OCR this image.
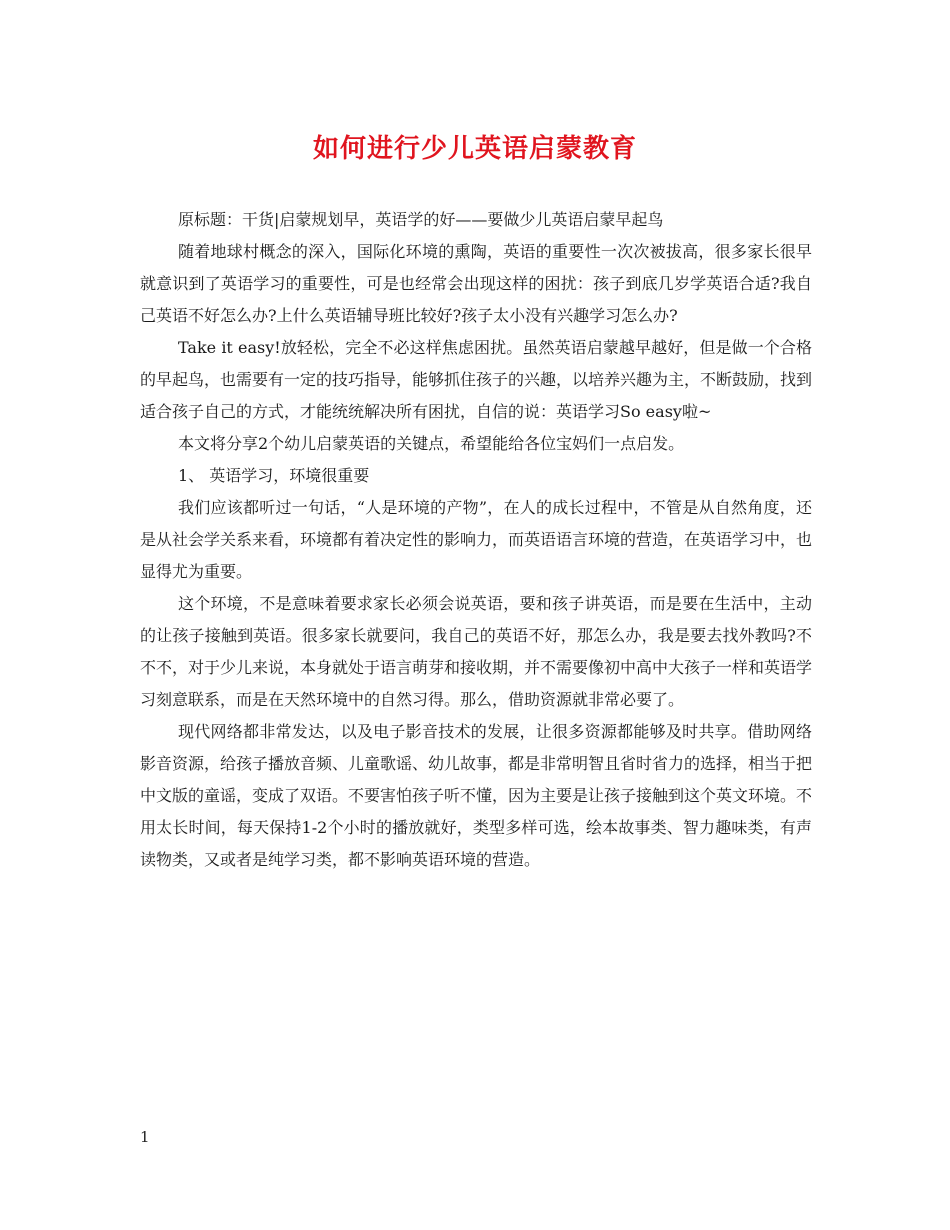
如何进行少儿英语启蒙教育

原标题：干货|启蒙规划早，英语学的好——要做少儿英语启蒙早起鸟

随着地球村概念的深入，国际化环境的熏陶，英语的重要性一次次被拔高，很多家长很早就意识到了英语学习的重要性，可是也经常会出现这样的困扰：孩子到底几岁学英语合适?我自己英语不好怎么办?上什么英语辅导班比较好?孩子太小没有兴趣学习怎么办?

Take it easy!放轻松，完全不必这样焦虑困扰。虽然英语启蒙越早越好，但是做一个合格的早起鸟，也需要有一定的技巧指导，能够抓住孩子的兴趣，以培养兴趣为主，不断鼓励，找到适合孩子自己的方式，才能统统解决所有困扰，自信的说：英语学习So easy啦~

本文将分享2个幼儿启蒙英语的关键点，希望能给各位宝妈们一点启发。

1、 英语学习，环境很重要

我们应该都听过一句话，“人是环境的产物”，在人的成长过程中，不管是从自然角度，还是从社会学关系来看，环境都有着决定性的影响力，而英语语言环境的营造，在英语学习中，也显得尤为重要。

这个环境，不是意味着要求家长必须会说英语，要和孩子讲英语，而是要在生活中，主动的让孩子接触到英语。很多家长就要问，我自己的英语不好，那怎么办，我是要去找外教吗?不不不，对于少儿来说，本身就处于语言萌芽和接收期，并不需要像初中高中大孩子一样和英语学习刻意联系，而是在天然环境中的自然习得。那么，借助资源就非常必要了。

现代网络都非常发达，以及电子影音技术的发展，让很多资源都能够及时共享。借助网络影音资源，给孩子播放音频、儿童歌谣、幼儿故事，都是非常明智且省时省力的选择，相当于把中文版的童谣，变成了双语。不要害怕孩子听不懂，因为主要是让孩子接触到这个英文环境。不用太长时间，每天保持1-2个小时的播放就好，类型多样可选，绘本故事类、智力趣味类，有声读物类，又或者是纯学习类，都不影响英语环境的营造。

1
